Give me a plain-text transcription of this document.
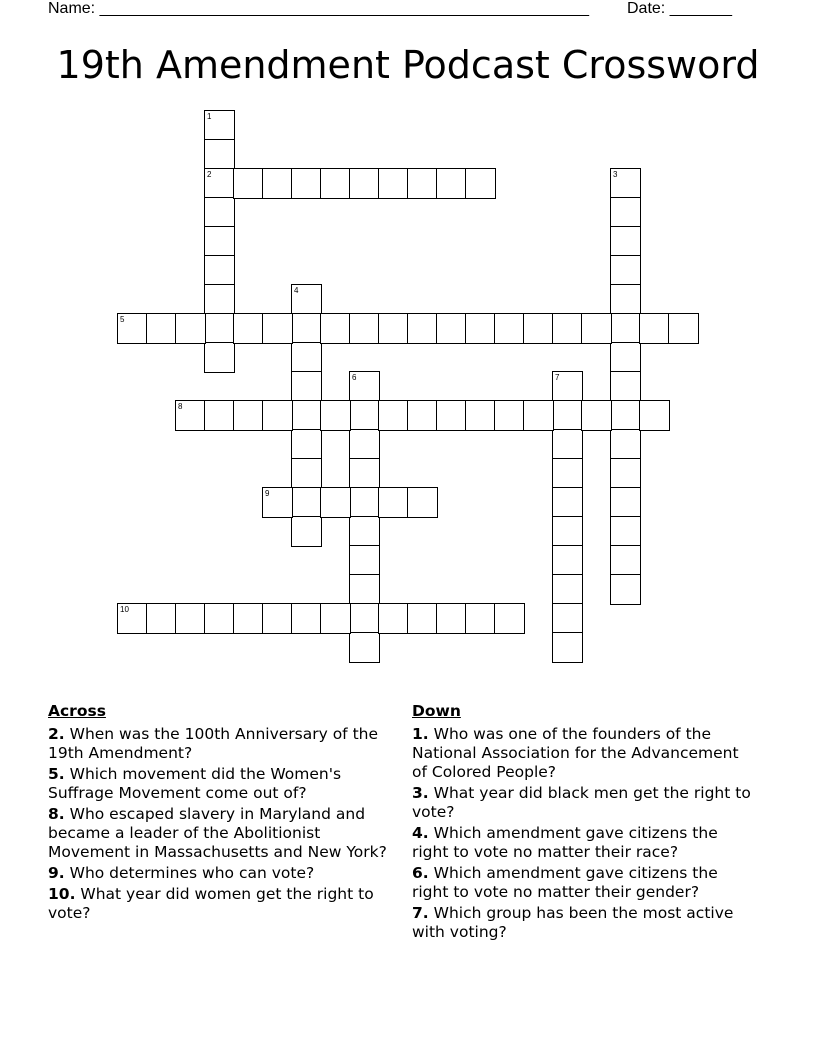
Name: _______________________________________________________ Date: _______
19th Amendment Podcast Crossword
1
2	3
4
5
6	7
8
9
10
Across
2. When was the 100th Anniversary of the 19th Amendment?
5. Which movement did the Women's Suffrage Movement come out of?
8. Who escaped slavery in Maryland and became a leader of the Abolitionist Movement in Massachusetts and New York?
9. Who determines who can vote?
10. What year did women get the right to vote?
Down
1. Who was one of the founders of the National Association for the Advancement of Colored People?
3. What year did black men get the right to vote?
4. Which amendment gave citizens the right to vote no matter their race?
6. Which amendment gave citizens the right to vote no matter their gender?
7. Which group has been the most active with voting?
